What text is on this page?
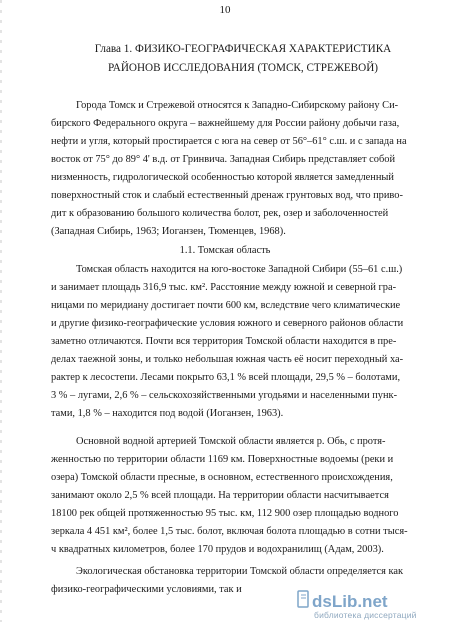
10
Глава 1. ФИЗИКО-ГЕОГРАФИЧЕСКАЯ ХАРАКТЕРИСТИКА
РАЙОНОВ ИССЛЕДОВАНИЯ (ТОМСК, СТРЕЖЕВОЙ)
Города Томск и Стрежевой относятся к Западно-Сибирскому району Си-
бирского Федерального округа – важнейшему для России району добычи газа,
нефти и угля, который простирается с юга на север от 56°–61° с.ш. и с запада на
восток от 75° до 89° 4' в.д. от Гринвича. Западная Сибирь представляет собой
низменность, гидрологической особенностью которой является замедленный
поверхностный сток и слабый естественный дренаж грунтовых вод, что приво-
дит к образованию большого количества болот, рек, озер и заболоченностей
(Западная Сибирь, 1963; Иоганзен, Тюменцев, 1968).
1.1. Томская область
Томская область находится на юго-востоке Западной Сибири (55–61 с.ш.)
и занимает площадь 316,9 тыс. км². Расстояние между южной и северной гра-
ницами по меридиану достигает почти 600 км, вследствие чего климатические
и другие физико-географические условия южного и северного районов области
заметно отличаются. Почти вся территория Томской области находится в пре-
делах таежной зоны, и только небольшая южная часть её носит переходный ха-
рактер к лесостепи. Лесами покрыто 63,1 % всей площади, 29,5 % – болотами,
3 % – лугами, 2,6 % – сельскохозяйственными угодьями и населенными пунк-
тами, 1,8 % – находится под водой (Иоганзен, 1963).
Основной водной артерией Томской области является р. Обь, с протя-
женностью по территории области 1169 км. Поверхностные водоемы (реки и
озера) Томской области пресные, в основном, естественного происхождения,
занимают около 2,5 % всей площади. На территории области насчитывается
18100 рек общей протяженностью 95 тыс. км, 112 900 озер площадью водного
зеркала 4 451 км², более 1,5 тыс. болот, включая болота площадью в сотни тыся-
ч квадратных километров, более 170 прудов и водохранилищ (Адам, 2003).
Экологическая обстановка территории Томской области определяется как
физико-географическими условиями, так и
dsLib.net
библиотека диссертаций
